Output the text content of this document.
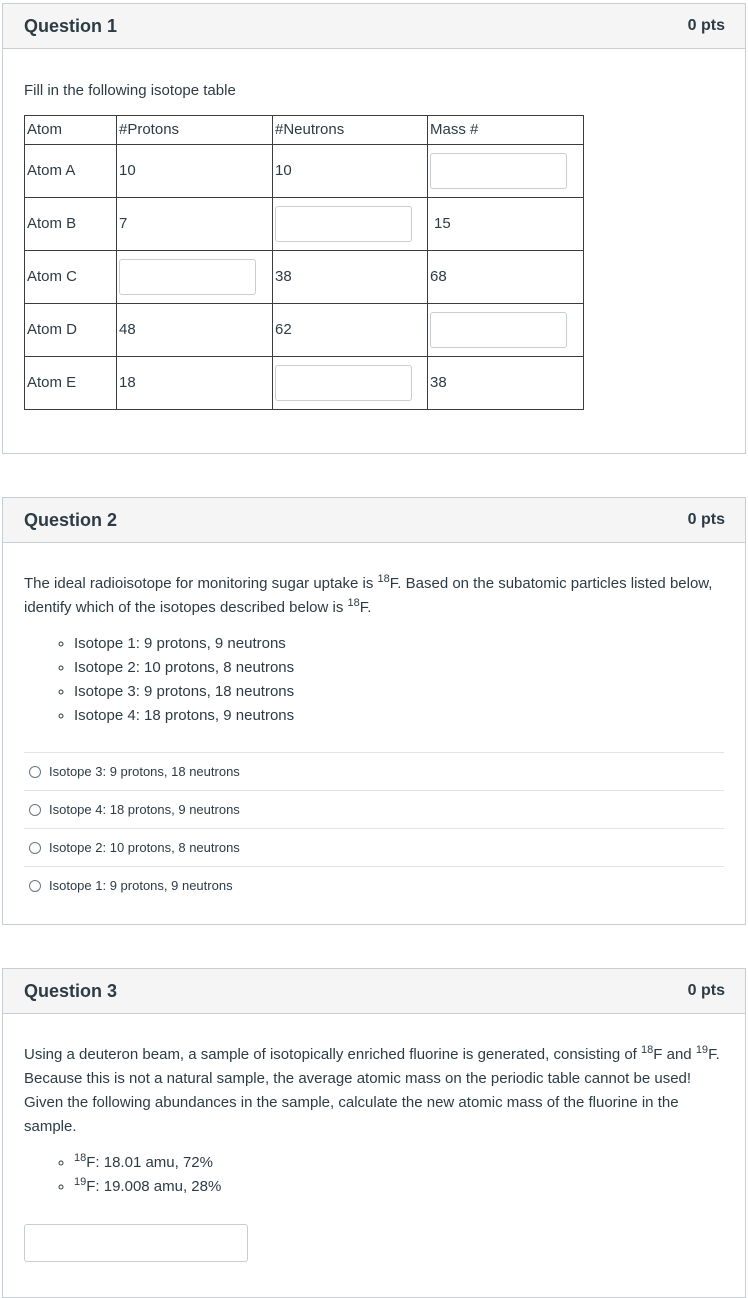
Question 1	0 pts
Fill in the following isotope table
Atom	#Protons	#Neutrons	Mass #
Atom A	10	10	

Atom B	7		15
Atom C		38	68
Atom D	48	62	

Atom E	18		38
Question 2	0 pts

The ideal radioisotope for monitoring sugar uptake is $^{18}$F. Based on the subatomic particles listed below, identify which of the isotopes described below is $^{18}$F.

◦ Isotope 1: 9 protons, 9 neutrons
◦ Isotope 2: 10 protons, 8 neutrons
◦ Isotope 3: 9 protons, 18 neutrons
◦ Isotope 4: 18 protons, 9 neutrons
Isotope 3: 9 protons, 18 neutrons
Isotope 4: 18 protons, 9 neutrons
Isotope 2: 10 protons, 8 neutrons
Isotope 1: 9 protons, 9 neutrons
Question 3	0 pts

Using a deuteron beam, a sample of isotopically enriched fluorine is generated, consisting of $^{18}$F and $^{19}$F. Because this is not a natural sample, the average atomic mass on the periodic table cannot be used! Given the following abundances in the sample, calculate the new atomic mass of the fluorine in the sample.

◦ $^{18}$F: 18.01 amu, 72%
◦ $^{19}$F: 19.008 amu, 28%
